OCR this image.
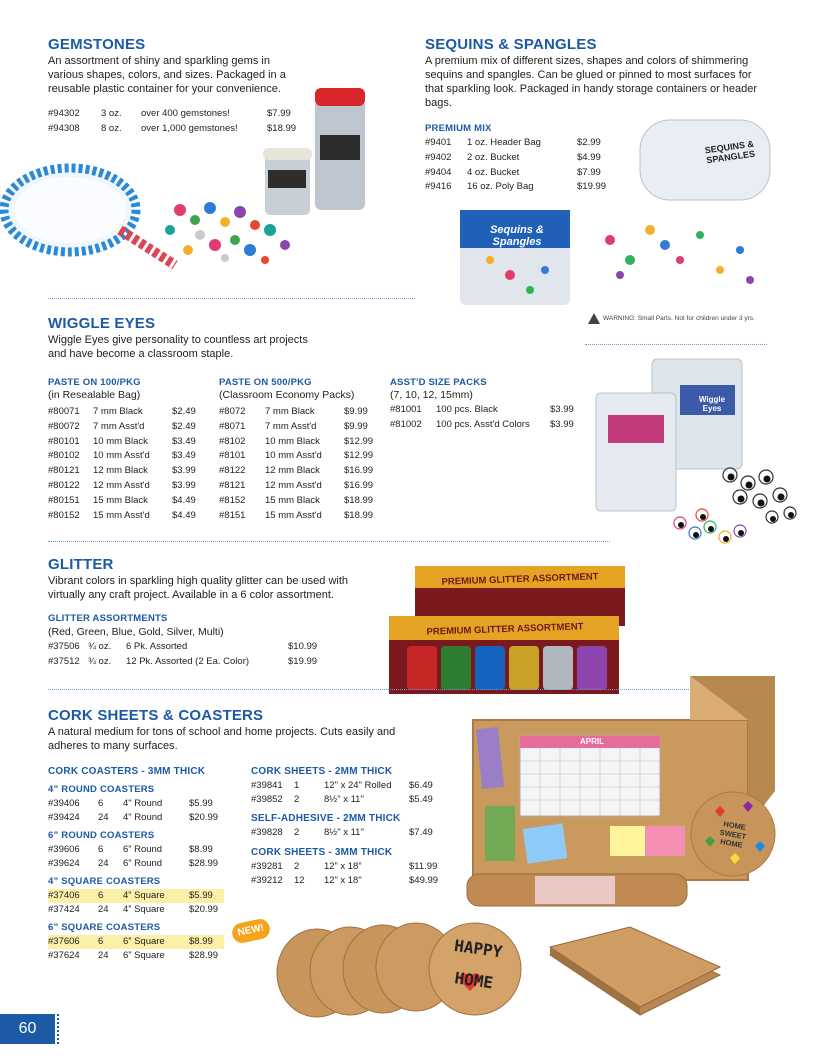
GEMSTONES
An assortment of shiny and sparkling gems in various shapes, colors, and sizes. Packaged in a reusable plastic container for your convenience.
#94302 3 oz. over 400 gemstones!	$7.99
#94308 8 oz. over 1,000 gemstones!	$18.99
SEQUINS & SPANGLES
A premium mix of different sizes, shapes and colors of shimmering sequins and spangles. Can be glued or pinned to most surfaces for that sparkling look. Packaged in handy storage containers or header bags.
PREMIUM MIX
#9401 1 oz. Header Bag	$2.99
#9402 2 oz. Bucket	$4.99
#9404 4 oz. Bucket	$7.99
#9416 16 oz. Poly Bag	$19.99
Sequins & Spangles
SEQUINS & SPANGLES
WARNING: Small Parts. Not for children under 3 yrs.
WIGGLE EYES
Wiggle Eyes give personality to countless art projects and have become a classroom staple.
PASTE ON 100/PKG
(in Resealable Bag)
#80071 7 mm Black	$2.49
#80072 7 mm Asst'd	$2.49
#80101 10 mm Black	$3.49
#80102 10 mm Asst'd $3.49
#80121 12 mm Black	$3.99
#80122 12 mm Asst'd $3.99
#80151 15 mm Black	$4.49
#80152 15 mm Asst'd $4.49
PASTE ON 500/PKG
(Classroom Economy Packs)
#8072 7 mm Black	$9.99
#8071 7 mm Asst'd	$9.99
#8102 10 mm Black	$12.99
#8101 10 mm Asst'd $12.99
#8122 12 mm Black	$16.99
#8121 12 mm Asst'd $16.99
#8152 15 mm Black	$18.99
#8151 15 mm Asst'd $18.99
ASST'D SIZE PACKS
(7, 10, 12, 15mm)
#81001 100 pcs. Black	$3.99
#81002 100 pcs. Asst'd Colors $3.99
Wiggle Eyes
GLITTER
Vibrant colors in sparkling high quality glitter can be used with virtually any craft project. Available in a 6 color assortment.
GLITTER ASSORTMENTS
(Red, Green, Blue, Gold, Silver, Multi)
#37506 ¾ oz. 6 Pk. Assorted	$10.99
#37512 ¾ oz. 12 Pk. Assorted (2 Ea. Color)	$19.99
PREMIUM GLITTER ASSORTMENT
PREMIUM GLITTER ASSORTMENT
CORK SHEETS & COASTERS
A natural medium for tons of school and home projects. Cuts easily and adheres to many surfaces.
CORK COASTERS - 3MM THICK
4” ROUND COASTERS
#39406 6 4" Round	$5.99
#39424 24 4" Round	$20.99
6” ROUND COASTERS
#39606 6 6” Round	$8.99
#39624 24 6” Round	$28.99
4” SQUARE COASTERS
#37406 6 4” Square	$5.99
#37424 24 4” Square	$20.99
6” SQUARE COASTERS
#37606 6 6” Square	$8.99
#37624 24 6” Square	$28.99
CORK SHEETS - 2MM THICK
#39841 1	12" x 24" Rolled $6.49
#39852 2	8½" x 11"	$5.49
SELF-ADHESIVE - 2MM THICK
#39828 2	8½" x 11"	$7.49
CORK SHEETS - 3MM THICK
#39281 2	12” x 18”	$11.99
#39212 12 12” x 18"	$49.99
APRIL
HOME SWEET HOME
HAPPY HOME
NEW!
60
